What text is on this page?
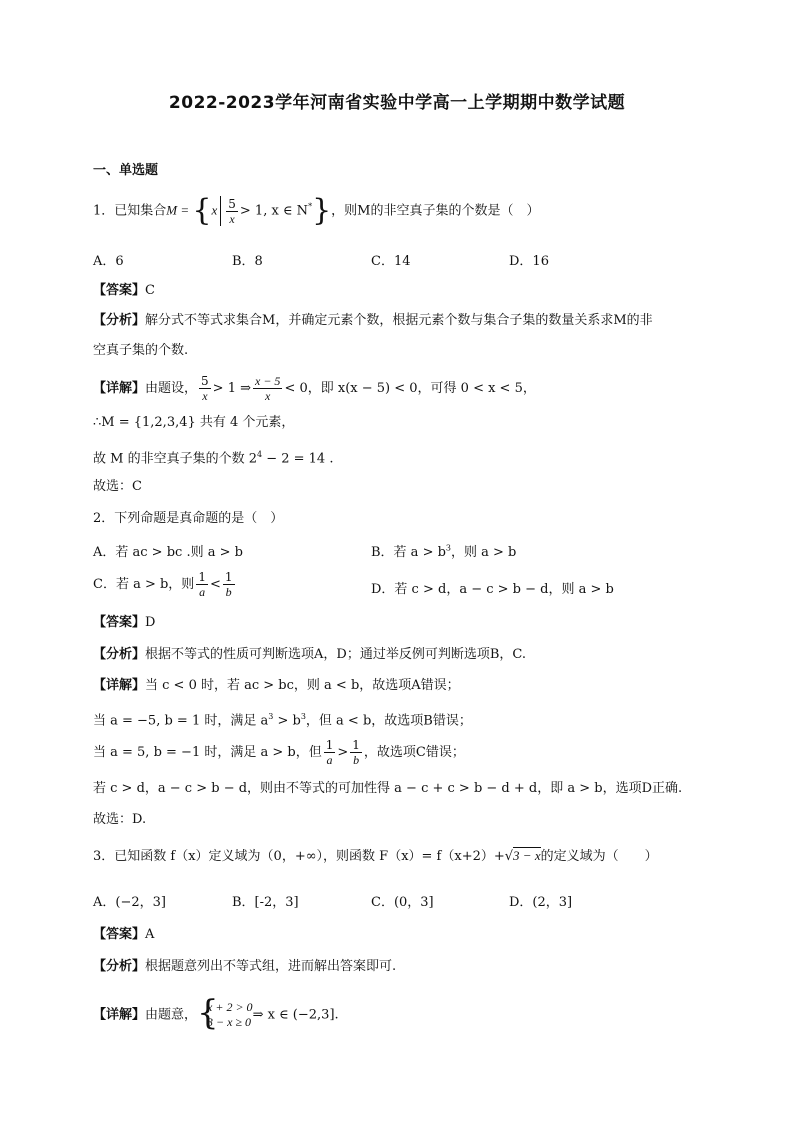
2022-2023学年河南省实验中学高一上学期期中数学试题
一、单选题
1．已知集合$M = \{x \frac{5}{x} > 1$, x ∈ N*}，则M的非空真子集的个数是（　）
A．6	B．8	C．14	D．16
【答案】C
【分析】解分式不等式求集合M，并确定元素个数，根据元素个数与集合子集的数量关系求M的非
空真子集的个数.
【详解】由题设， $\frac{5}{x} > 1$ ⇒ $\frac{x - 5}{x} < 0$，即 x(x − 5) < 0，可得 0 < x < 5，
∴M = {1,2,3,4} 共有 4 个元素，
故 M 的非空真子集的个数 $2^4 - 2 = 14$ .
故选：C
2．下列命题是真命题的是（　）
A．若 ac > bc .则 a > b	B．若 $a > b^3$，则 a > b
C．若 a > b，则 $\frac{1}{a} < \frac{1}{b}$	D．若 c > d，a − c > b − d，则 a > b
【答案】D
【分析】根据不等式的性质可判断选项A，D；通过举反例可判断选项B，C.
【详解】当 c < 0 时，若 ac > bc，则 a < b，故选项A错误；
当 a = −5, b = 1 时，满足 $a^3 > b^3$，但 a < b，故选项B错误；
当 a = 5, b = −1 时，满足 a > b，但 $\frac{1}{a} > \frac{1}{b}$ ，故选项C错误；
若 c > d，a − c > b − d，则由不等式的可加性得 a − c + c > b − d + d，即 a > b，选项D正确.
故选：D.
3．已知函数 f（x）定义域为（0，+∞），则函数 F（x）= f（x+2）+√3 − x的定义域为（　　）
A．(−2，3]	B．[-2，3]	C．(0，3]	D．(2，3]
【答案】A
【分析】根据题意列出不等式组，进而解出答案即可.
【详解】由题意， {
x + 2 > 0
3 − x ≥ 0 ⇒ x ∈ (−2,3].
